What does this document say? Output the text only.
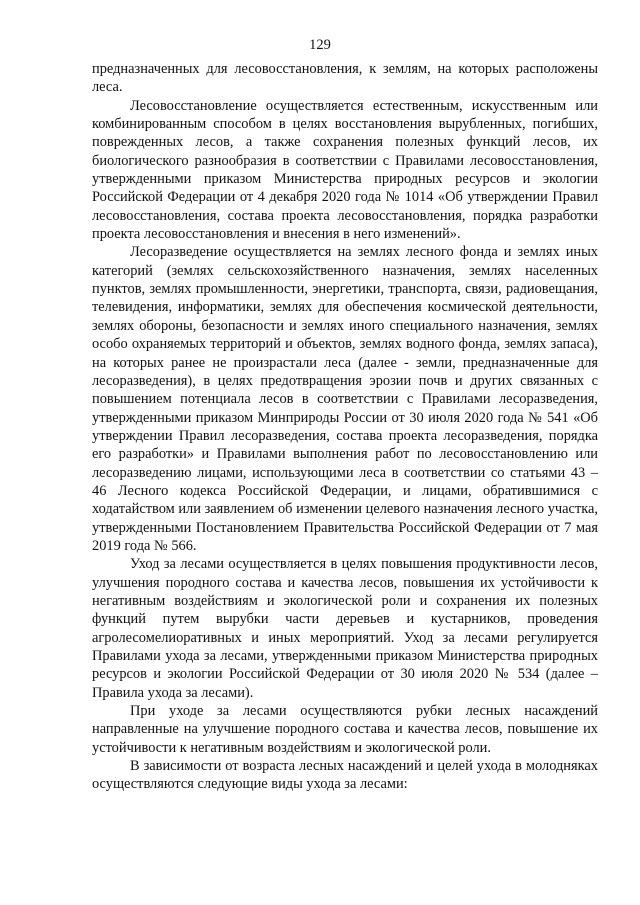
129

предназначенных для лесовосстановления, к землям, на которых расположены леса.

Лесовосстановление осуществляется естественным, искусственным или комбинированным способом в целях восстановления вырубленных, погибших, поврежденных лесов, а также сохранения полезных функций лесов, их биологического разнообразия в соответствии с Правилами лесовосстановления, утвержденными приказом Министерства природных ресурсов и экологии Российской Федерации от 4 декабря 2020 года № 1014 «Об утверждении Правил лесовосстановления, состава проекта лесовосстановления, порядка разработки проекта лесовосстановления и внесения в него изменений».

Лесоразведение осуществляется на землях лесного фонда и землях иных категорий (землях сельскохозяйственного назначения, землях населенных пунктов, землях промышленности, энергетики, транспорта, связи, радиовещания, телевидения, информатики, землях для обеспечения космической деятельности, землях обороны, безопасности и землях иного специального назначения, землях особо охраняемых территорий и объектов, землях водного фонда, землях запаса), на которых ранее не произрастали леса (далее - земли, предназначенные для лесоразведения), в целях предотвращения эрозии почв и других связанных с повышением потенциала лесов в соответствии с Правилами лесоразведения, утвержденными приказом Минприроды России от 30 июля 2020 года № 541 «Об утверждении Правил лесоразведения, состава проекта лесоразведения, порядка его разработки» и Правилами выполнения работ по лесовосстановлению или лесоразведению лицами, использующими леса в соответствии со статьями 43 – 46 Лесного кодекса Российской Федерации, и лицами, обратившимися с ходатайством или заявлением об изменении целевого назначения лесного участка, утвержденными Постановлением Правительства Российской Федерации от 7 мая 2019 года № 566.

Уход за лесами осуществляется в целях повышения продуктивности лесов, улучшения породного состава и качества лесов, повышения их устойчивости к негативным воздействиям и экологической роли и сохранения их полезных функций путем вырубки части деревьев и кустарников, проведения агролесомелиоративных и иных мероприятий. Уход за лесами регулируется Правилами ухода за лесами, утвержденными приказом Министерства природных ресурсов и экологии Российской Федерации от 30 июля 2020 № 534 (далее – Правила ухода за лесами).

При уходе за лесами осуществляются рубки лесных насаждений направленные на улучшение породного состава и качества лесов, повышение их устойчивости к негативным воздействиям и экологической роли.

В зависимости от возраста лесных насаждений и целей ухода в молодняках осуществляются следующие виды ухода за лесами:
